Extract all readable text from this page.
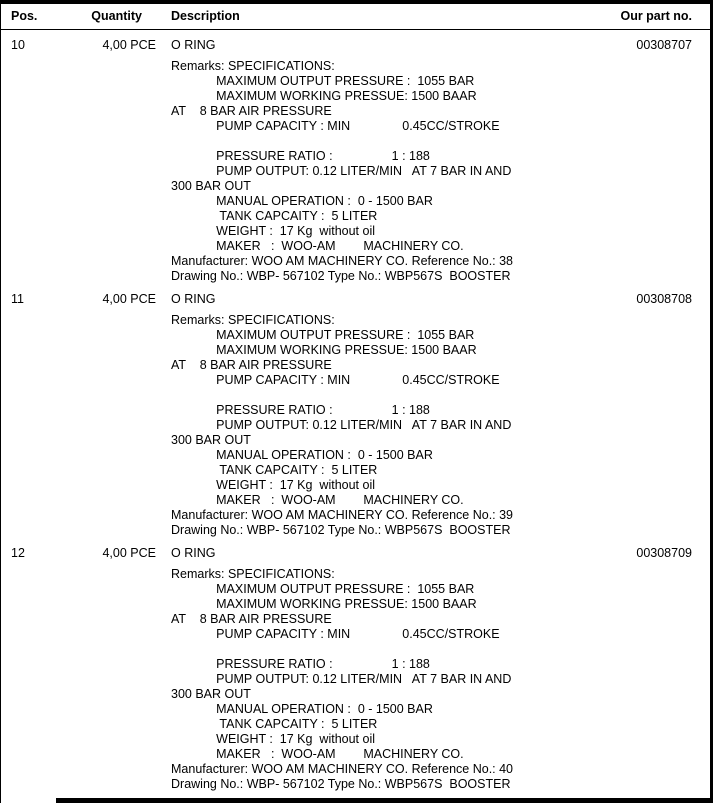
Pos.	Quantity	Description	Our part no.
10	4,00 PCE O RING	00308707
Remarks: SPECIFICATIONS:
MAXIMUM OUTPUT PRESSURE :  1055 BAR
MAXIMUM WORKING PRESSUE: 1500 BAAR
AT    8 BAR AIR PRESSURE
PUMP CAPACITY : MIN               0.45CC/STROKE

PRESSURE RATIO :                 1 : 188
PUMP OUTPUT: 0.12 LITER/MIN   AT 7 BAR IN AND
300 BAR OUT
MANUAL OPERATION :  0 - 1500 BAR
TANK CAPCAITY :  5 LITER
WEIGHT :  17 Kg  without oil
MAKER   :  WOO-AM        MACHINERY CO.
Manufacturer: WOO AM MACHINERY CO. Reference No.: 38
Drawing No.: WBP- 567102 Type No.: WBP567S  BOOSTER
11	4,00 PCE O RING	00308708
Remarks: SPECIFICATIONS:
MAXIMUM OUTPUT PRESSURE :  1055 BAR
MAXIMUM WORKING PRESSUE: 1500 BAAR
AT    8 BAR AIR PRESSURE
PUMP CAPACITY : MIN               0.45CC/STROKE

PRESSURE RATIO :                 1 : 188
PUMP OUTPUT: 0.12 LITER/MIN   AT 7 BAR IN AND
300 BAR OUT
MANUAL OPERATION :  0 - 1500 BAR
TANK CAPCAITY :  5 LITER
WEIGHT :  17 Kg  without oil
MAKER   :  WOO-AM        MACHINERY CO.
Manufacturer: WOO AM MACHINERY CO. Reference No.: 39
Drawing No.: WBP- 567102 Type No.: WBP567S  BOOSTER
12	4,00 PCE O RING	00308709
Remarks: SPECIFICATIONS:
MAXIMUM OUTPUT PRESSURE :  1055 BAR
MAXIMUM WORKING PRESSUE: 1500 BAAR
AT    8 BAR AIR PRESSURE
PUMP CAPACITY : MIN               0.45CC/STROKE

PRESSURE RATIO :                 1 : 188
PUMP OUTPUT: 0.12 LITER/MIN   AT 7 BAR IN AND
300 BAR OUT
MANUAL OPERATION :  0 - 1500 BAR
TANK CAPCAITY :  5 LITER
WEIGHT :  17 Kg  without oil
MAKER   :  WOO-AM        MACHINERY CO.
Manufacturer: WOO AM MACHINERY CO. Reference No.: 40
Drawing No.: WBP- 567102 Type No.: WBP567S  BOOSTER
